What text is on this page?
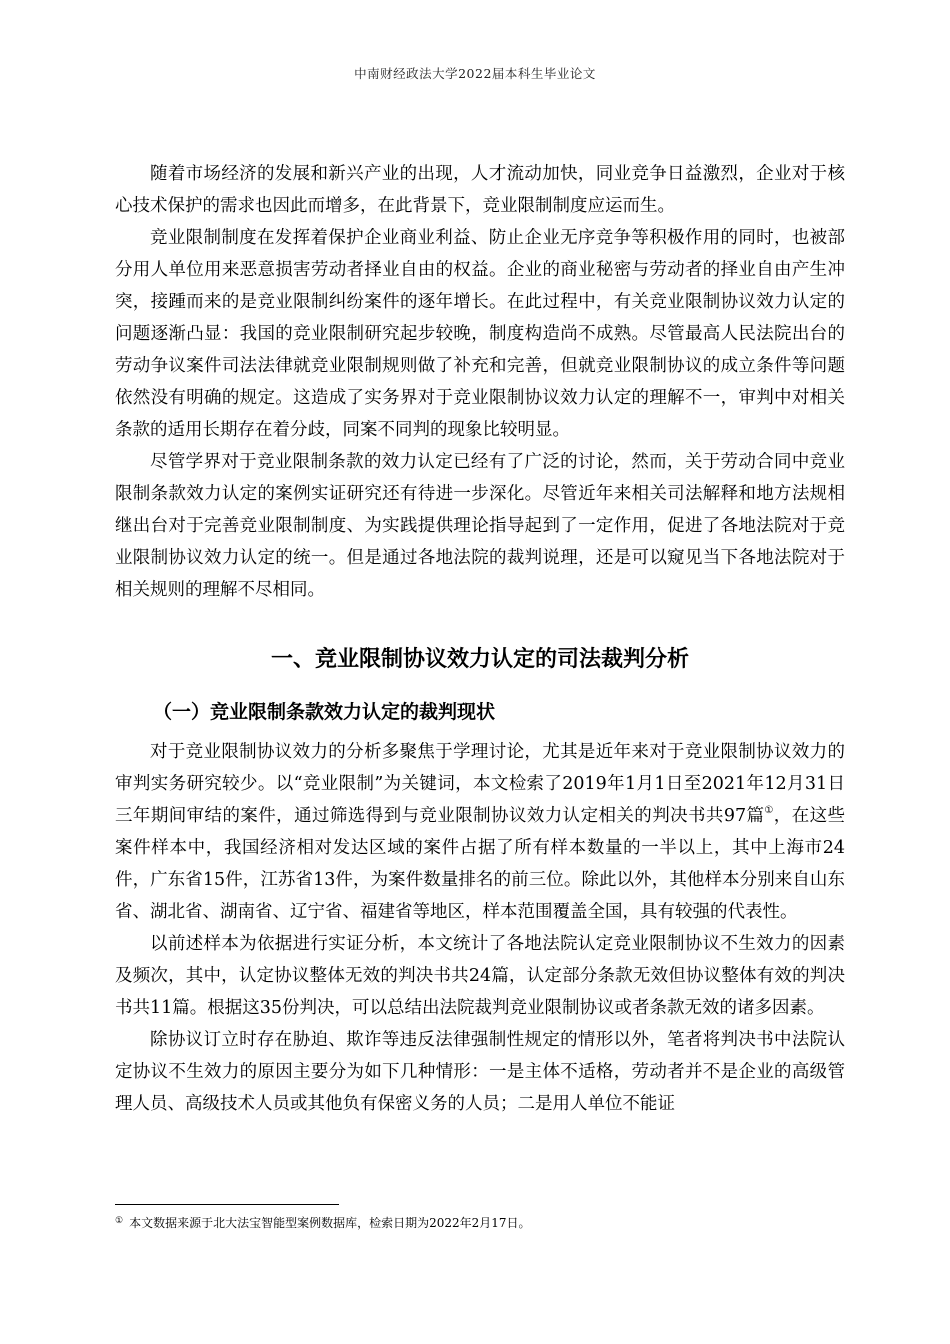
中南财经政法大学2022届本科生毕业论文

随着市场经济的发展和新兴产业的出现，人才流动加快，同业竞争日益激烈，企业对于核心技术保护的需求也因此而增多，在此背景下，竞业限制制度应运而生。

竞业限制制度在发挥着保护企业商业利益、防止企业无序竞争等积极作用的同时，也被部分用人单位用来恶意损害劳动者择业自由的权益。企业的商业秘密与劳动者的择业自由产生冲突，接踵而来的是竞业限制纠纷案件的逐年增长。在此过程中，有关竞业限制协议效力认定的问题逐渐凸显：我国的竞业限制研究起步较晚，制度构造尚不成熟。尽管最高人民法院出台的劳动争议案件司法法律就竞业限制规则做了补充和完善，但就竞业限制协议的成立条件等问题依然没有明确的规定。这造成了实务界对于竞业限制协议效力认定的理解不一，审判中对相关条款的适用长期存在着分歧，同案不同判的现象比较明显。

尽管学界对于竞业限制条款的效力认定已经有了广泛的讨论，然而，关于劳动合同中竞业限制条款效力认定的案例实证研究还有待进一步深化。尽管近年来相关司法解释和地方法规相继出台对于完善竞业限制制度、为实践提供理论指导起到了一定作用，促进了各地法院对于竞业限制协议效力认定的统一。但是通过各地法院的裁判说理，还是可以窥见当下各地法院对于相关规则的理解不尽相同。

一、竞业限制协议效力认定的司法裁判分析
（一）竞业限制条款效力认定的裁判现状

对于竞业限制协议效力的分析多聚焦于学理讨论，尤其是近年来对于竞业限制协议效力的审判实务研究较少。以“竞业限制”为关键词，本文检索了2019年1月1日至2021年12月31日三年期间审结的案件，通过筛选得到与竞业限制协议效力认定相关的判决书共97篇①，在这些案件样本中，我国经济相对发达区域的案件占据了所有样本数量的一半以上，其中上海市24件，广东省15件，江苏省13件，为案件数量排名的前三位。除此以外，其他样本分别来自山东省、湖北省、湖南省、辽宁省、福建省等地区，样本范围覆盖全国，具有较强的代表性。

以前述样本为依据进行实证分析，本文统计了各地法院认定竞业限制协议不生效力的因素及频次，其中，认定协议整体无效的判决书共24篇，认定部分条款无效但协议整体有效的判决书共11篇。根据这35份判决，可以总结出法院裁判竞业限制协议或者条款无效的诸多因素。

除协议订立时存在胁迫、欺诈等违反法律强制性规定的情形以外，笔者将判决书中法院认定协议不生效力的原因主要分为如下几种情形：一是主体不适格，劳动者并不是企业的高级管理人员、高级技术人员或其他负有保密义务的人员；二是用人单位不能证

① 本文数据来源于北大法宝智能型案例数据库，检索日期为2022年2月17日。
